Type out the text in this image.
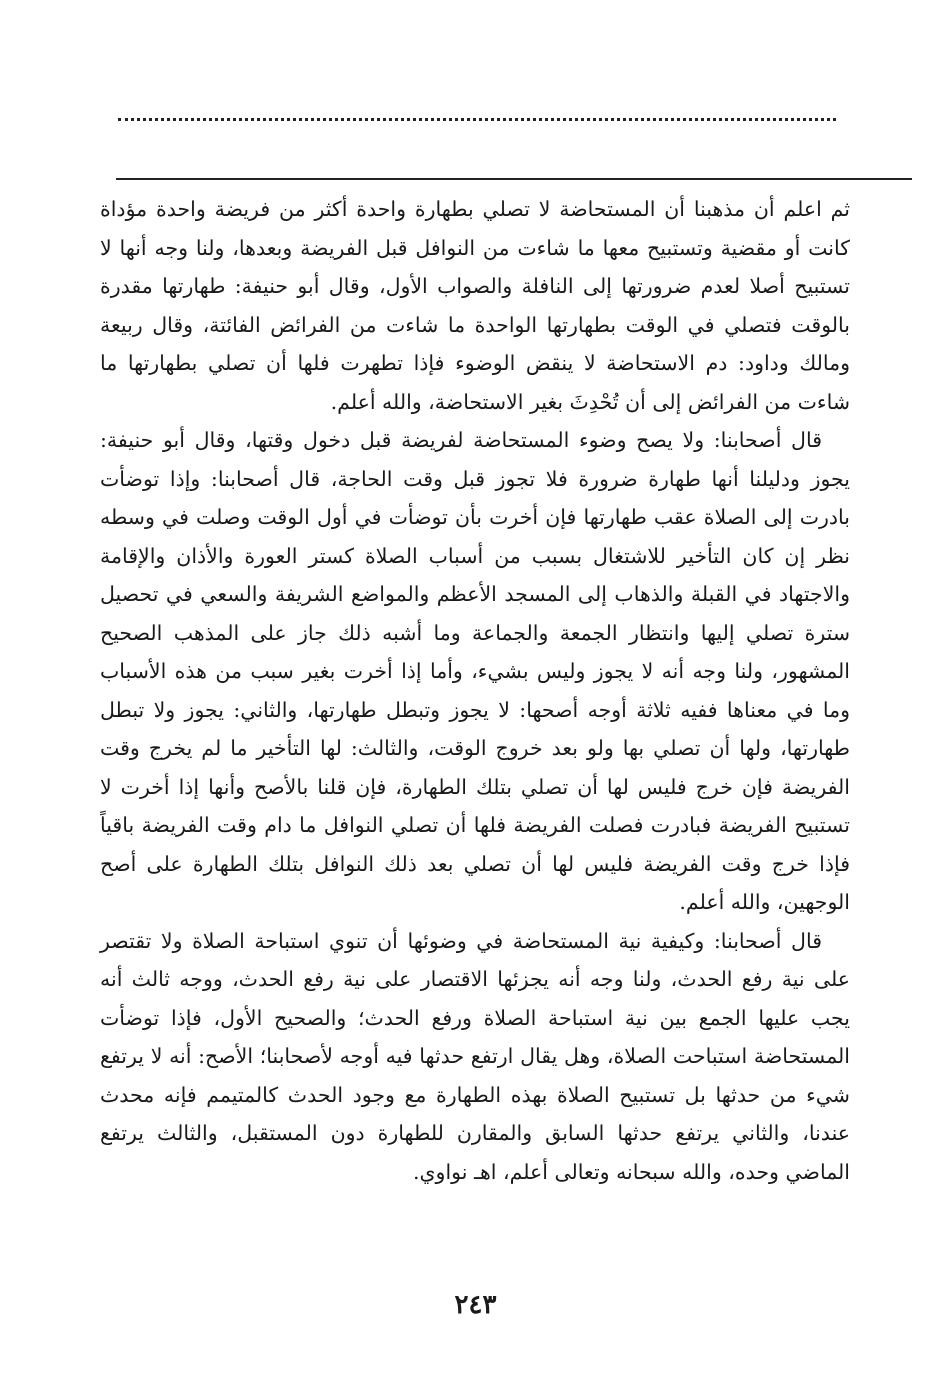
ثم اعلم أن مذهبنا أن المستحاضة لا تصلي بطهارة واحدة أكثر من فريضة واحدة مؤداة كانت أو مقضية وتستبيح معها ما شاءت من النوافل قبل الفريضة وبعدها، ولنا وجه أنها لا تستبيح أصلا لعدم ضرورتها إلى النافلة والصواب الأول، وقال أبو حنيفة: طهارتها مقدرة بالوقت فتصلي في الوقت بطهارتها الواحدة ما شاءت من الفرائض الفائتة، وقال ربيعة ومالك وداود: دم الاستحاضة لا ينقض الوضوء فإذا تطهرت فلها أن تصلي بطهارتها ما شاءت من الفرائض إلى أن تُحْدِثَ بغير الاستحاضة، والله أعلم.

قال أصحابنا: ولا يصح وضوء المستحاضة لفريضة قبل دخول وقتها، وقال أبو حنيفة: يجوز ودليلنا أنها طهارة ضرورة فلا تجوز قبل وقت الحاجة، قال أصحابنا: وإذا توضأت بادرت إلى الصلاة عقب طهارتها فإن أخرت بأن توضأت في أول الوقت وصلت في وسطه نظر إن كان التأخير للاشتغال بسبب من أسباب الصلاة كستر العورة والأذان والإقامة والاجتهاد في القبلة والذهاب إلى المسجد الأعظم والمواضع الشريفة والسعي في تحصيل سترة تصلي إليها وانتظار الجمعة والجماعة وما أشبه ذلك جاز على المذهب الصحيح المشهور، ولنا وجه أنه لا يجوز وليس بشيء، وأما إذا أخرت بغير سبب من هذه الأسباب وما في معناها ففيه ثلاثة أوجه أصحها: لا يجوز وتبطل طهارتها، والثاني: يجوز ولا تبطل طهارتها، ولها أن تصلي بها ولو بعد خروج الوقت، والثالث: لها التأخير ما لم يخرج وقت الفريضة فإن خرج فليس لها أن تصلي بتلك الطهارة، فإن قلنا بالأصح وأنها إذا أخرت لا تستبيح الفريضة فبادرت فصلت الفريضة فلها أن تصلي النوافل ما دام وقت الفريضة باقياً فإذا خرج وقت الفريضة فليس لها أن تصلي بعد ذلك النوافل بتلك الطهارة على أصح الوجهين، والله أعلم.

قال أصحابنا: وكيفية نية المستحاضة في وضوئها أن تنوي استباحة الصلاة ولا تقتصر على نية رفع الحدث، ولنا وجه أنه يجزئها الاقتصار على نية رفع الحدث، ووجه ثالث أنه يجب عليها الجمع بين نية استباحة الصلاة ورفع الحدث؛ والصحيح الأول، فإذا توضأت المستحاضة استباحت الصلاة، وهل يقال ارتفع حدثها فيه أوجه لأصحابنا؛ الأصح: أنه لا يرتفع شيء من حدثها بل تستبيح الصلاة بهذه الطهارة مع وجود الحدث كالمتيمم فإنه محدث عندنا، والثاني يرتفع حدثها السابق والمقارن للطهارة دون المستقبل، والثالث يرتفع الماضي وحده، والله سبحانه وتعالى أعلم، اهـ نواوي.

٢٤٣
